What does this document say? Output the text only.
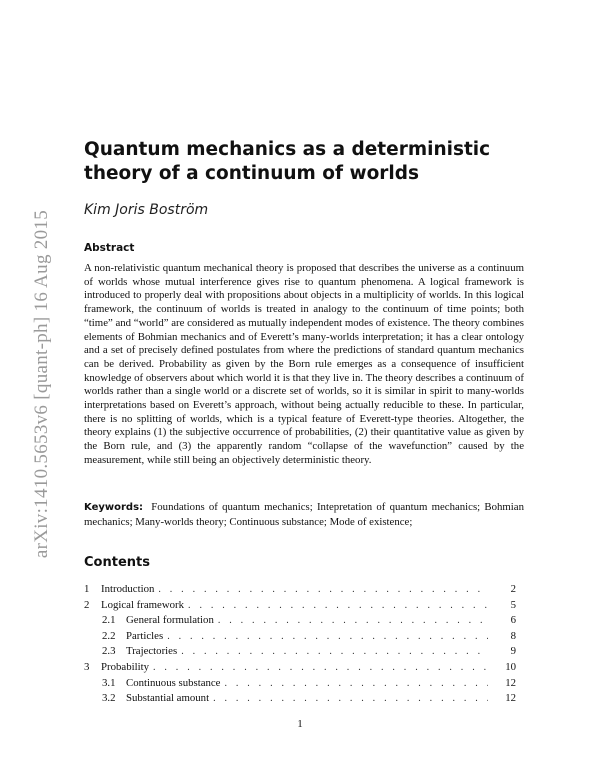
arXiv:1410.5653v6 [quant-ph] 16 Aug 2015
Quantum mechanics as a deterministic theory of a continuum of worlds
Kim Joris Boström
Abstract

A non-relativistic quantum mechanical theory is proposed that describes the universe as a continuum of worlds whose mutual interference gives rise to quantum phenomena. A logical framework is introduced to properly deal with propositions about objects in a multiplicity of worlds. In this logical framework, the continuum of worlds is treated in analogy to the continuum of time points; both “time” and “world” are considered as mutually independent modes of existence. The theory combines elements of Bohmian mechanics and of Everett’s many-worlds interpretation; it has a clear ontology and a set of precisely defined postulates from where the predictions of standard quantum mechanics can be derived. Probability as given by the Born rule emerges as a consequence of insufficient knowledge of observers about which world it is that they live in. The theory describes a continuum of worlds rather than a single world or a discrete set of worlds, so it is similar in spirit to many-worlds interpretations based on Everett’s approach, without being actually reducible to these. In particular, there is no splitting of worlds, which is a typical feature of Everett-type theories. Altogether, the theory explains (1) the subjective occurrence of probabilities, (2) their quantitative value as given by the Born rule, and (3) the apparently random “collapse of the wavefunction” caused by the measurement, while still being an objectively deterministic theory.

Keywords: Foundations of quantum mechanics; Intepretation of quantum mechanics; Bohmian mechanics; Many-worlds theory; Continuous substance; Mode of existence;

Contents
1	Introduction . . .	2
2	Logical framework . . .	5
2.1 General formulation . . .	6
2.2 Particles . . .	8
2.3 Trajectories . . .	9
3	Probability . . .	10
3.1 Continuous substance . . .	12
3.2 Substantial amount . . .	12
1
